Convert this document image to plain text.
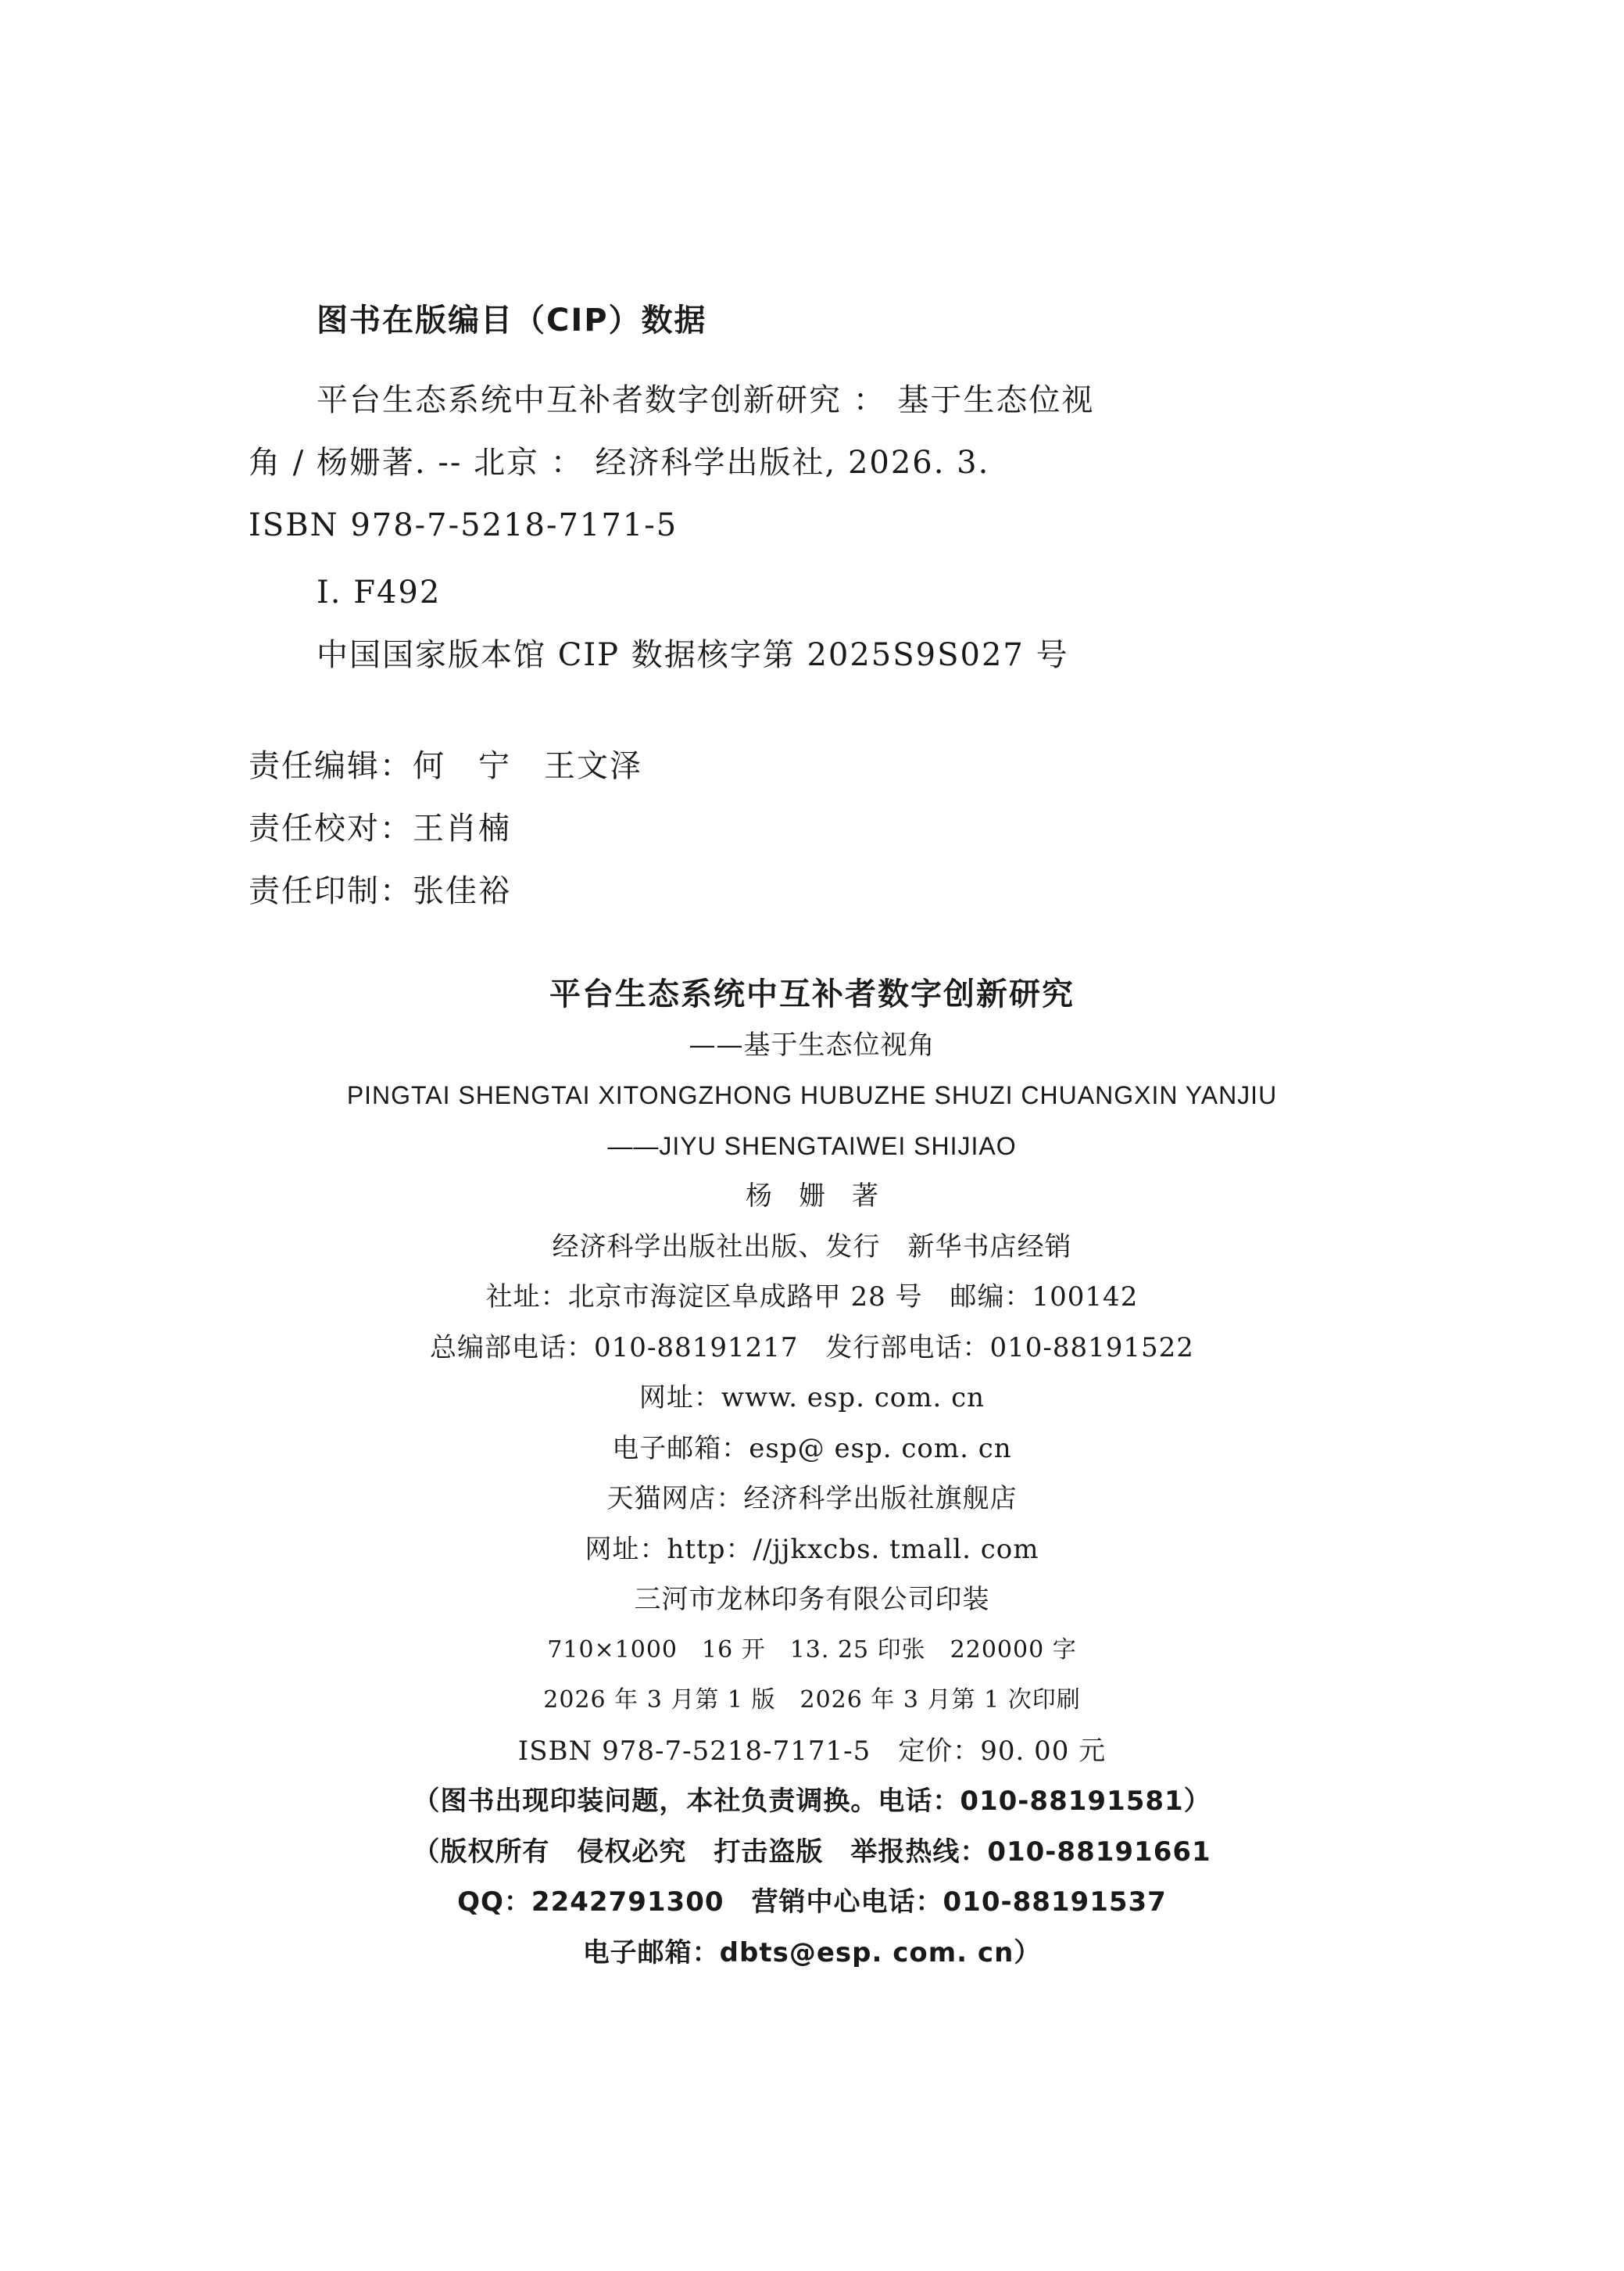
图书在版编目（CIP）数据
平台生态系统中互补者数字创新研究 ： 基于生态位视
角 / 杨姗著. -- 北京 ： 经济科学出版社, 2026. 3.
ISBN 978-7-5218-7171-5
Ⅰ. F492
中国国家版本馆 CIP 数据核字第 2025S9S027 号
责任编辑：何　宁　王文泽
责任校对：王肖楠
责任印制：张佳裕
平台生态系统中互补者数字创新研究
——基于生态位视角
PINGTAI SHENGTAI XITONGZHONG HUBUZHE SHUZI CHUANGXIN YANJIU
——JIYU SHENGTAIWEI SHIJIAO
杨姗著
经济科学出版社出版、发行　新华书店经销
社址：北京市海淀区阜成路甲 28 号　邮编：100142
总编部电话：010-88191217　发行部电话：010-88191522
网址：www. esp. com. cn
电子邮箱：esp@ esp. com. cn
天猫网店：经济科学出版社旗舰店
网址：http：//jjkxcbs. tmall. com
三河市龙林印务有限公司印装
710×1000　16 开　13. 25 印张　220000 字
2026 年 3 月第 1 版　2026 年 3 月第 1 次印刷
ISBN 978-7-5218-7171-5　定价：90. 00 元
（图书出现印装问题，本社负责调换。电话：010-88191581）
（版权所有　侵权必究　打击盗版　举报热线：010-88191661
QQ：2242791300　营销中心电话：010-88191537
电子邮箱：dbts@esp. com. cn）
